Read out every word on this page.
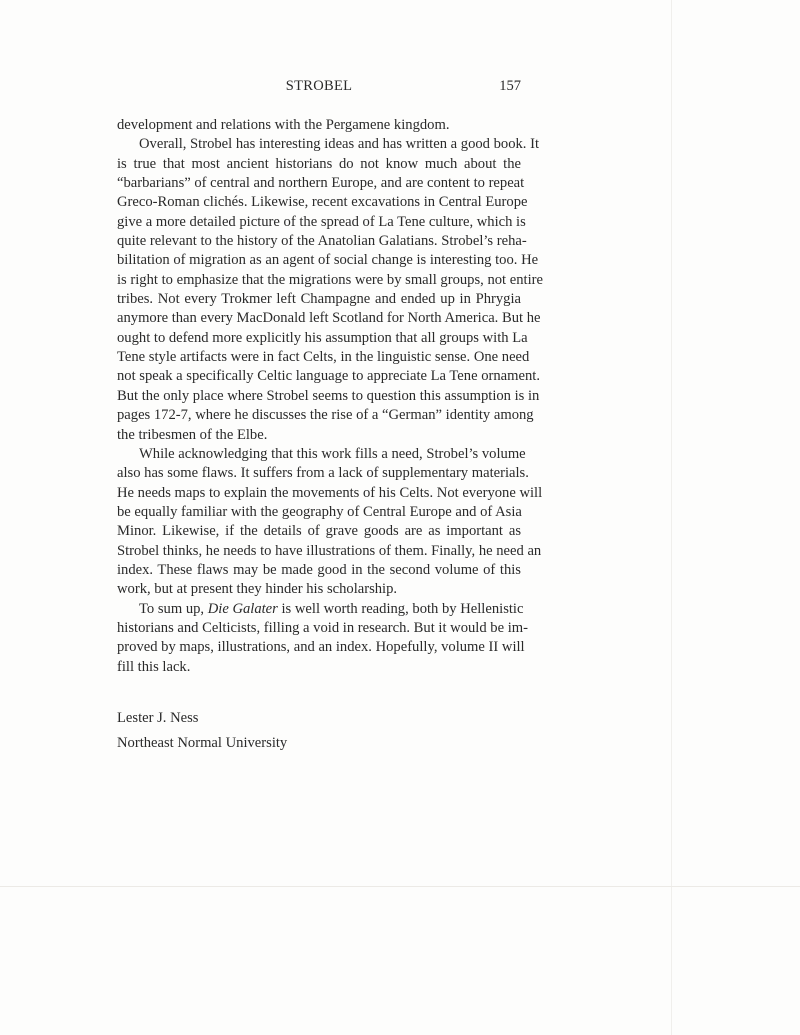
STROBEL	157
development and relations with the Pergamene kingdom.
Overall, Strobel has interesting ideas and has written a good book. It
is true that most ancient historians do not know much about the
“barbarians” of central and northern Europe, and are content to repeat
Greco-Roman clichés. Likewise, recent excavations in Central Europe
give a more detailed picture of the spread of La Tene culture, which is
quite relevant to the history of the Anatolian Galatians. Strobel’s reha-
bilitation of migration as an agent of social change is interesting too. He
is right to emphasize that the migrations were by small groups, not entire
tribes. Not every Trokmer left Champagne and ended up in Phrygia
anymore than every MacDonald left Scotland for North America. But he
ought to defend more explicitly his assumption that all groups with La
Tene style artifacts were in fact Celts, in the linguistic sense. One need
not speak a specifically Celtic language to appreciate La Tene ornament.
But the only place where Strobel seems to question this assumption is in
pages 172-7, where he discusses the rise of a “German” identity among
the tribesmen of the Elbe.
While acknowledging that this work fills a need, Strobel’s volume
also has some flaws. It suffers from a lack of supplementary materials.
He needs maps to explain the movements of his Celts. Not everyone will
be equally familiar with the geography of Central Europe and of Asia
Minor. Likewise, if the details of grave goods are as important as
Strobel thinks, he needs to have illustrations of them. Finally, he need an
index. These flaws may be made good in the second volume of this
work, but at present they hinder his scholarship.
To sum up, Die Galater is well worth reading, both by Hellenistic
historians and Celticists, filling a void in research. But it would be im-
proved by maps, illustrations, and an index. Hopefully, volume II will
fill this lack.
Lester J. Ness
Northeast Normal University
